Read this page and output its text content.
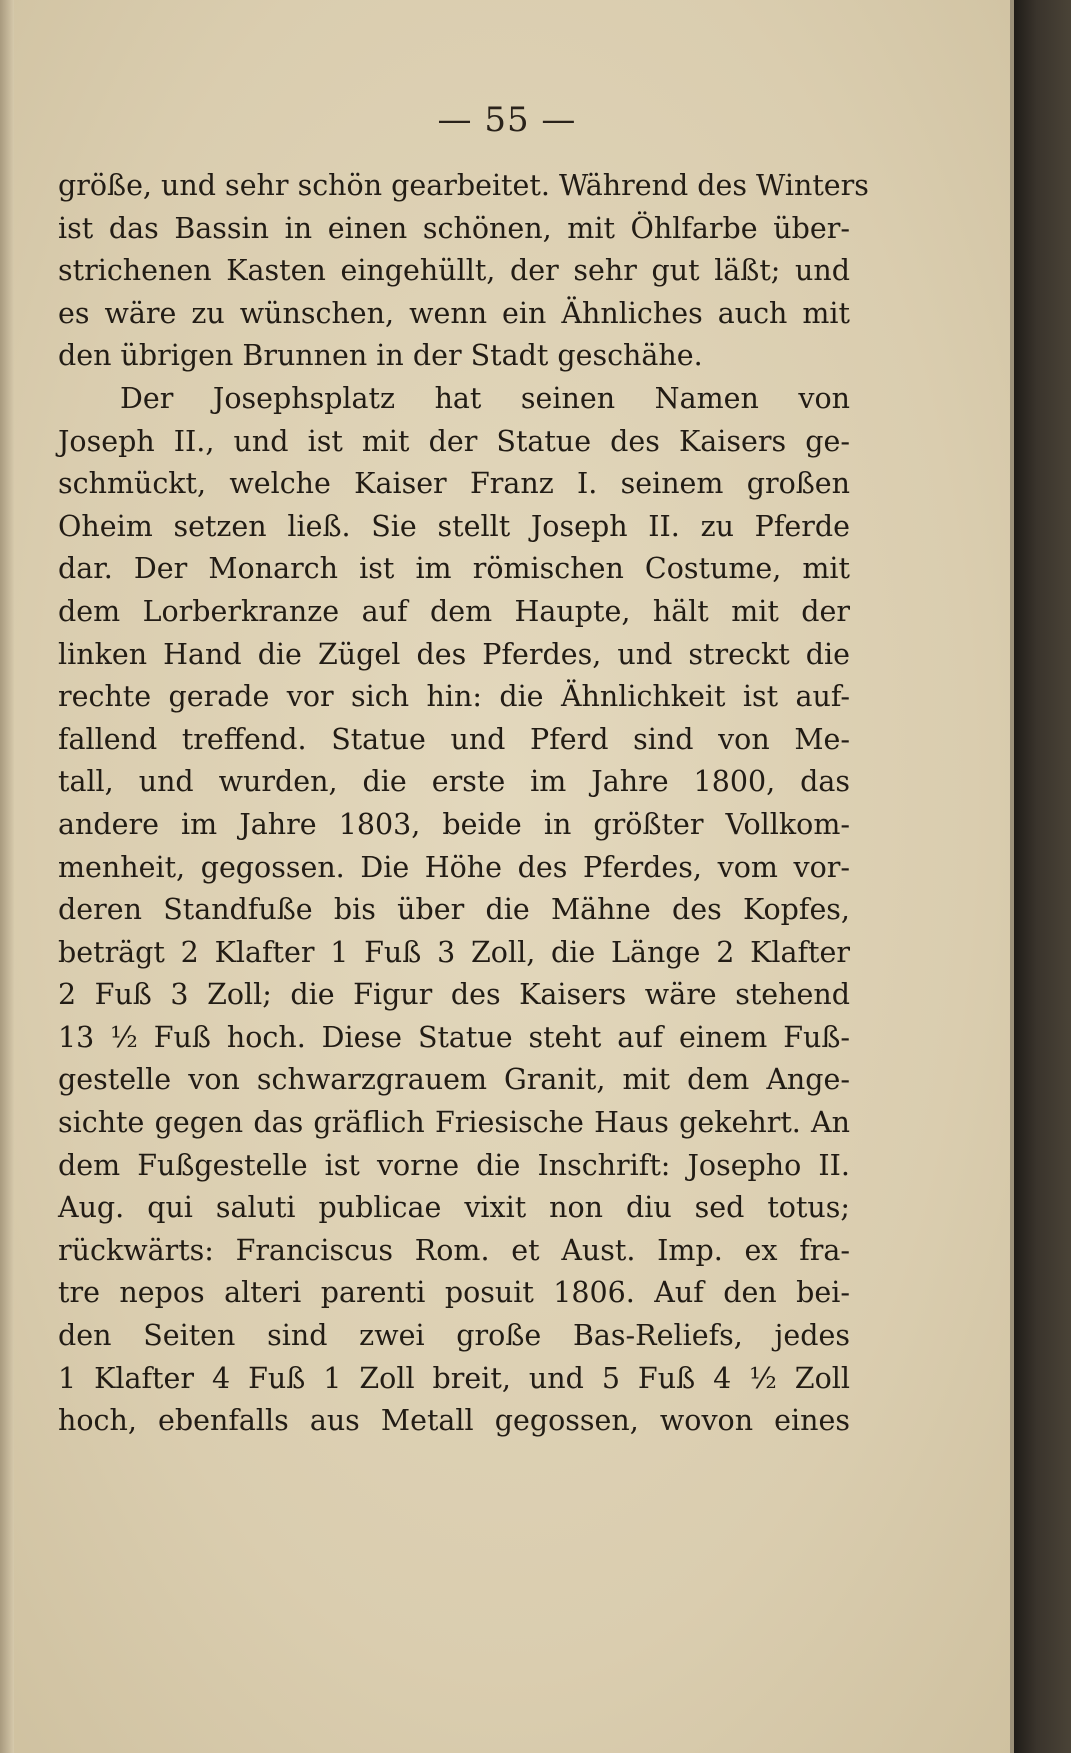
— 55 —
größe, und sehr schön gearbeitet. Während des Winters
ist das Bassin in einen schönen, mit Öhlfarbe über-
strichenen Kasten eingehüllt, der sehr gut läßt; und
es wäre zu wünschen, wenn ein Ähnliches auch mit
den übrigen Brunnen in der Stadt geschähe.
Der Josephsplatz hat seinen Namen von
Joseph II., und ist mit der Statue des Kaisers ge-
schmückt, welche Kaiser Franz I. seinem großen
Oheim setzen ließ. Sie stellt Joseph II. zu Pferde
dar. Der Monarch ist im römischen Costume, mit
dem Lorberkranze auf dem Haupte, hält mit der
linken Hand die Zügel des Pferdes, und streckt die
rechte gerade vor sich hin: die Ähnlichkeit ist auf-
fallend treffend. Statue und Pferd sind von Me-
tall, und wurden, die erste im Jahre 1800, das
andere im Jahre 1803, beide in größter Vollkom-
menheit, gegossen. Die Höhe des Pferdes, vom vor-
deren Standfuße bis über die Mähne des Kopfes,
beträgt 2 Klafter 1 Fuß 3 Zoll, die Länge 2 Klafter
2 Fuß 3 Zoll; die Figur des Kaisers wäre stehend
13 ½ Fuß hoch. Diese Statue steht auf einem Fuß-
gestelle von schwarzgrauem Granit, mit dem Ange-
sichte gegen das gräflich Friesische Haus gekehrt. An
dem Fußgestelle ist vorne die Inschrift: Josepho II.
Aug. qui saluti publicae vixit non diu sed totus;
rückwärts: Franciscus Rom. et Aust. Imp. ex fra-
tre nepos alteri parenti posuit 1806. Auf den bei-
den Seiten sind zwei große Bas-Reliefs, jedes
1 Klafter 4 Fuß 1 Zoll breit, und 5 Fuß 4 ½ Zoll
hoch, ebenfalls aus Metall gegossen, wovon eines
